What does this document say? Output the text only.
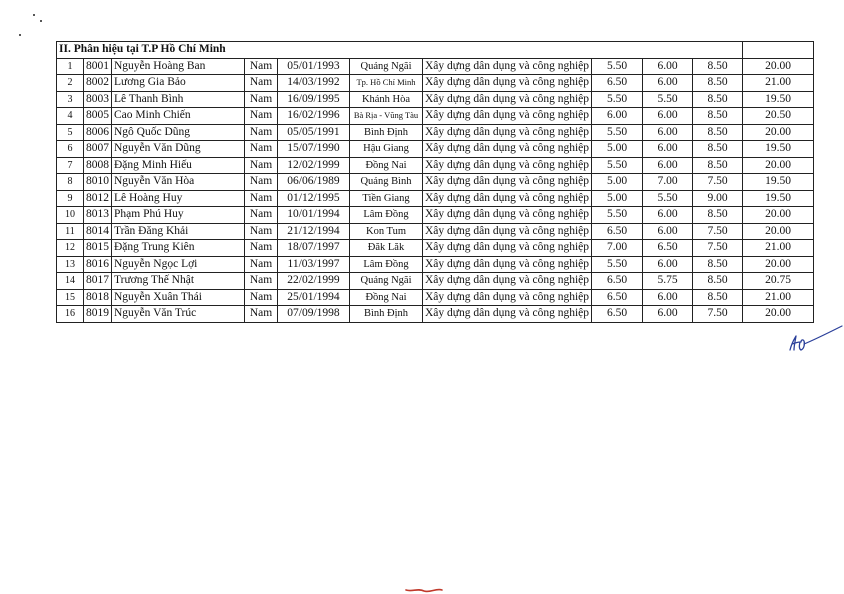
II. Phân hiệu tại T.P Hồ Chí Minh										
1	8001	Nguyễn Hoàng Ban	Nam	05/01/1993	Quảng Ngãi	Xây dựng dân dụng và công nghiệp	5.50	6.00	8.50	20.00
2	8002	Lương Gia Bảo	Nam	14/03/1992	Tp. Hồ Chí Minh	Xây dựng dân dụng và công nghiệp	6.50	6.00	8.50	21.00
3	8003	Lê Thanh Bình	Nam	16/09/1995	Khánh Hòa	Xây dựng dân dụng và công nghiệp	5.50	5.50	8.50	19.50
4	8005	Cao Minh Chiến	Nam	16/02/1996	Bà Rịa - Vũng Tàu	Xây dựng dân dụng và công nghiệp	6.00	6.00	8.50	20.50
5	8006	Ngô Quốc Dũng	Nam	05/05/1991	Bình Định	Xây dựng dân dụng và công nghiệp	5.50	6.00	8.50	20.00
6	8007	Nguyễn Văn Dũng	Nam	15/07/1990	Hậu Giang	Xây dựng dân dụng và công nghiệp	5.00	6.00	8.50	19.50
7	8008	Đặng Minh Hiếu	Nam	12/02/1999	Đồng Nai	Xây dựng dân dụng và công nghiệp	5.50	6.00	8.50	20.00
8	8010	Nguyễn Văn Hòa	Nam	06/06/1989	Quảng Bình	Xây dựng dân dụng và công nghiệp	5.00	7.00	7.50	19.50
9	8012	Lê Hoàng Huy	Nam	01/12/1995	Tiền Giang	Xây dựng dân dụng và công nghiệp	5.00	5.50	9.00	19.50
10	8013	Phạm Phú Huy	Nam	10/01/1994	Lâm Đồng	Xây dựng dân dụng và công nghiệp	5.50	6.00	8.50	20.00
11	8014	Trần Đăng Khải	Nam	21/12/1994	Kon Tum	Xây dựng dân dụng và công nghiệp	6.50	6.00	7.50	20.00
12	8015	Đặng Trung Kiên	Nam	18/07/1997	Đăk Lăk	Xây dựng dân dụng và công nghiệp	7.00	6.50	7.50	21.00
13	8016	Nguyễn Ngọc Lợi	Nam	11/03/1997	Lâm Đồng	Xây dựng dân dụng và công nghiệp	5.50	6.00	8.50	20.00
14	8017	Trương Thế Nhật	Nam	22/02/1999	Quảng Ngãi	Xây dựng dân dụng và công nghiệp	6.50	5.75	8.50	20.75
15	8018	Nguyễn Xuân Thái	Nam	25/01/1994	Đồng Nai	Xây dựng dân dụng và công nghiệp	6.50	6.00	8.50	21.00
16	8019	Nguyễn Văn Trúc	Nam	07/09/1998	Bình Định	Xây dựng dân dụng và công nghiệp	6.50	6.00	7.50	20.00
